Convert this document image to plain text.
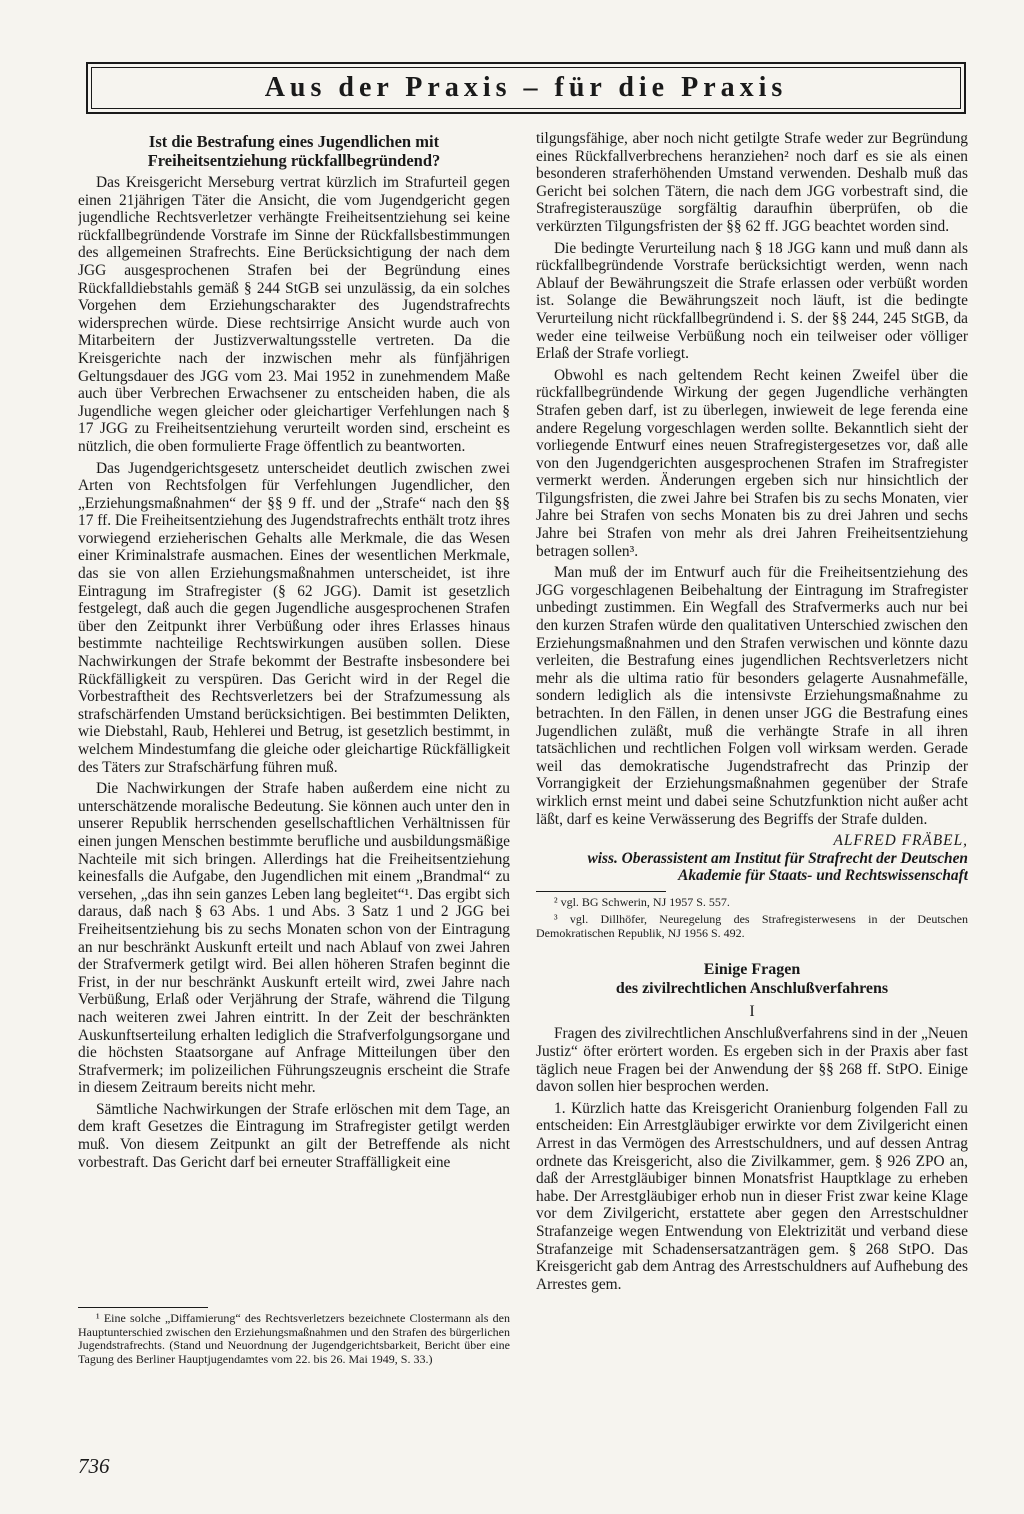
Aus der Praxis – für die Praxis
Ist die Bestrafung eines Jugendlichen mit Freiheitsentziehung rückfallbegründend?

Das Kreisgericht Merseburg vertrat kürzlich im Strafurteil gegen einen 21jährigen Täter die Ansicht, die vom Jugendgericht gegen jugendliche Rechtsverletzer verhängte Freiheitsentziehung sei keine rückfallbegründende Vorstrafe im Sinne der Rückfallsbestimmungen des allgemeinen Strafrechts. Eine Berücksichtigung der nach dem JGG ausgesprochenen Strafen bei der Begründung eines Rückfalldiebstahls gemäß § 244 StGB sei unzulässig, da ein solches Vorgehen dem Erziehungscharakter des Jugendstrafrechts widersprechen würde. Diese rechtsirrige Ansicht wurde auch von Mitarbeitern der Justizverwaltungsstelle vertreten. Da die Kreisgerichte nach der inzwischen mehr als fünfjährigen Geltungsdauer des JGG vom 23. Mai 1952 in zunehmendem Maße auch über Verbrechen Erwachsener zu entscheiden haben, die als Jugendliche wegen gleicher oder gleichartiger Verfehlungen nach § 17 JGG zu Freiheitsentziehung verurteilt worden sind, erscheint es nützlich, die oben formulierte Frage öffentlich zu beantworten.

Das Jugendgerichtsgesetz unterscheidet deutlich zwischen zwei Arten von Rechtsfolgen für Verfehlungen Jugendlicher, den „Erziehungsmaßnahmen“ der §§ 9 ff. und der „Strafe“ nach den §§ 17 ff. Die Freiheitsentziehung des Jugendstrafrechts enthält trotz ihres vorwiegend erzieherischen Gehalts alle Merkmale, die das Wesen einer Kriminalstrafe ausmachen. Eines der wesentlichen Merkmale, das sie von allen Erziehungsmaßnahmen unterscheidet, ist ihre Eintragung im Strafregister (§ 62 JGG). Damit ist gesetzlich festgelegt, daß auch die gegen Jugendliche ausgesprochenen Strafen über den Zeitpunkt ihrer Verbüßung oder ihres Erlasses hinaus bestimmte nachteilige Rechtswirkungen ausüben sollen. Diese Nachwirkungen der Strafe bekommt der Bestrafte insbesondere bei Rückfälligkeit zu verspüren. Das Gericht wird in der Regel die Vorbestraftheit des Rechtsverletzers bei der Strafzumessung als strafschärfenden Umstand berücksichtigen. Bei bestimmten Delikten, wie Diebstahl, Raub, Hehlerei und Betrug, ist gesetzlich bestimmt, in welchem Mindestumfang die gleiche oder gleichartige Rückfälligkeit des Täters zur Strafschärfung führen muß.

Die Nachwirkungen der Strafe haben außerdem eine nicht zu unterschätzende moralische Bedeutung. Sie können auch unter den in unserer Republik herrschenden gesellschaftlichen Verhältnissen für einen jungen Menschen bestimmte berufliche und ausbildungsmäßige Nachteile mit sich bringen. Allerdings hat die Freiheitsentziehung keinesfalls die Aufgabe, den Jugendlichen mit einem „Brandmal“ zu versehen, „das ihn sein ganzes Leben lang begleitet“¹. Das ergibt sich daraus, daß nach § 63 Abs. 1 und Abs. 3 Satz 1 und 2 JGG bei Freiheitsentziehung bis zu sechs Monaten schon von der Eintragung an nur beschränkt Auskunft erteilt und nach Ablauf von zwei Jahren der Strafvermerk getilgt wird. Bei allen höheren Strafen beginnt die Frist, in der nur beschränkt Auskunft erteilt wird, zwei Jahre nach Verbüßung, Erlaß oder Verjährung der Strafe, während die Tilgung nach weiteren zwei Jahren eintritt. In der Zeit der beschränkten Auskunftserteilung erhalten lediglich die Strafverfolgungsorgane und die höchsten Staatsorgane auf Anfrage Mitteilungen über den Strafvermerk; im polizeilichen Führungszeugnis erscheint die Strafe in diesem Zeitraum bereits nicht mehr.

Sämtliche Nachwirkungen der Strafe erlöschen mit dem Tage, an dem kraft Gesetzes die Eintragung im Strafregister getilgt werden muß. Von diesem Zeitpunkt an gilt der Betreffende als nicht vorbestraft. Das Gericht darf bei erneuter Straffälligkeit eine

¹ Eine solche „Diffamierung“ des Rechtsverletzers bezeichnete Clostermann als den Hauptunterschied zwischen den Erziehungsmaßnahmen und den Strafen des bürgerlichen Jugendstrafrechts. (Stand und Neuordnung der Jugendgerichtsbarkeit, Bericht über eine Tagung des Berliner Hauptjugendamtes vom 22. bis 26. Mai 1949, S. 33.)

tilgungsfähige, aber noch nicht getilgte Strafe weder zur Begründung eines Rückfallverbrechens heranziehen² noch darf es sie als einen besonderen straferhöhenden Umstand verwenden. Deshalb muß das Gericht bei solchen Tätern, die nach dem JGG vorbestraft sind, die Strafregisterauszüge sorgfältig daraufhin überprüfen, ob die verkürzten Tilgungsfristen der §§ 62 ff. JGG beachtet worden sind.

Die bedingte Verurteilung nach § 18 JGG kann und muß dann als rückfallbegründende Vorstrafe berücksichtigt werden, wenn nach Ablauf der Bewährungszeit die Strafe erlassen oder verbüßt worden ist. Solange die Bewährungszeit noch läuft, ist die bedingte Verurteilung nicht rückfallbegründend i. S. der §§ 244, 245 StGB, da weder eine teilweise Verbüßung noch ein teilweiser oder völliger Erlaß der Strafe vorliegt.

Obwohl es nach geltendem Recht keinen Zweifel über die rückfallbegründende Wirkung der gegen Jugendliche verhängten Strafen geben darf, ist zu überlegen, inwieweit de lege ferenda eine andere Regelung vorgeschlagen werden sollte. Bekanntlich sieht der vorliegende Entwurf eines neuen Strafregistergesetzes vor, daß alle von den Jugendgerichten ausgesprochenen Strafen im Strafregister vermerkt werden. Änderungen ergeben sich nur hinsichtlich der Tilgungsfristen, die zwei Jahre bei Strafen bis zu sechs Monaten, vier Jahre bei Strafen von sechs Monaten bis zu drei Jahren und sechs Jahre bei Strafen von mehr als drei Jahren Freiheitsentziehung betragen sollen³.

Man muß der im Entwurf auch für die Freiheitsentziehung des JGG vorgeschlagenen Beibehaltung der Eintragung im Strafregister unbedingt zustimmen. Ein Wegfall des Strafvermerks auch nur bei den kurzen Strafen würde den qualitativen Unterschied zwischen den Erziehungsmaßnahmen und den Strafen verwischen und könnte dazu verleiten, die Bestrafung eines jugendlichen Rechtsverletzers nicht mehr als die ultima ratio für besonders gelagerte Ausnahmefälle, sondern lediglich als die intensivste Erziehungsmaßnahme zu betrachten. In den Fällen, in denen unser JGG die Bestrafung eines Jugendlichen zuläßt, muß die verhängte Strafe in all ihren tatsächlichen und rechtlichen Folgen voll wirksam werden. Gerade weil das demokratische Jugendstrafrecht das Prinzip der Vorrangigkeit der Erziehungsmaßnahmen gegenüber der Strafe wirklich ernst meint und dabei seine Schutzfunktion nicht außer acht läßt, darf es keine Verwässerung des Begriffs der Strafe dulden.

ALFRED FRÄBEL,
wiss. Oberassistent am Institut für Strafrecht der Deutschen Akademie für Staats- und Rechtswissenschaft

² vgl. BG Schwerin, NJ 1957 S. 557.

³ vgl. Dillhöfer, Neuregelung des Strafregisterwesens in der Deutschen Demokratischen Republik, NJ 1956 S. 492.

Einige Fragen
des zivilrechtlichen Anschlußverfahrens
I

Fragen des zivilrechtlichen Anschlußverfahrens sind in der „Neuen Justiz“ öfter erörtert worden. Es ergeben sich in der Praxis aber fast täglich neue Fragen bei der Anwendung der §§ 268 ff. StPO. Einige davon sollen hier besprochen werden.

1. Kürzlich hatte das Kreisgericht Oranienburg folgenden Fall zu entscheiden: Ein Arrestgläubiger erwirkte vor dem Zivilgericht einen Arrest in das Vermögen des Arrestschuldners, und auf dessen Antrag ordnete das Kreisgericht, also die Zivilkammer, gem. § 926 ZPO an, daß der Arrestgläubiger binnen Monatsfrist Hauptklage zu erheben habe. Der Arrestgläubiger erhob nun in dieser Frist zwar keine Klage vor dem Zivilgericht, erstattete aber gegen den Arrestschuldner Strafanzeige wegen Entwendung von Elektrizität und verband diese Strafanzeige mit Schadensersatzanträgen gem. § 268 StPO. Das Kreisgericht gab dem Antrag des Arrestschuldners auf Aufhebung des Arrestes gem.

736
